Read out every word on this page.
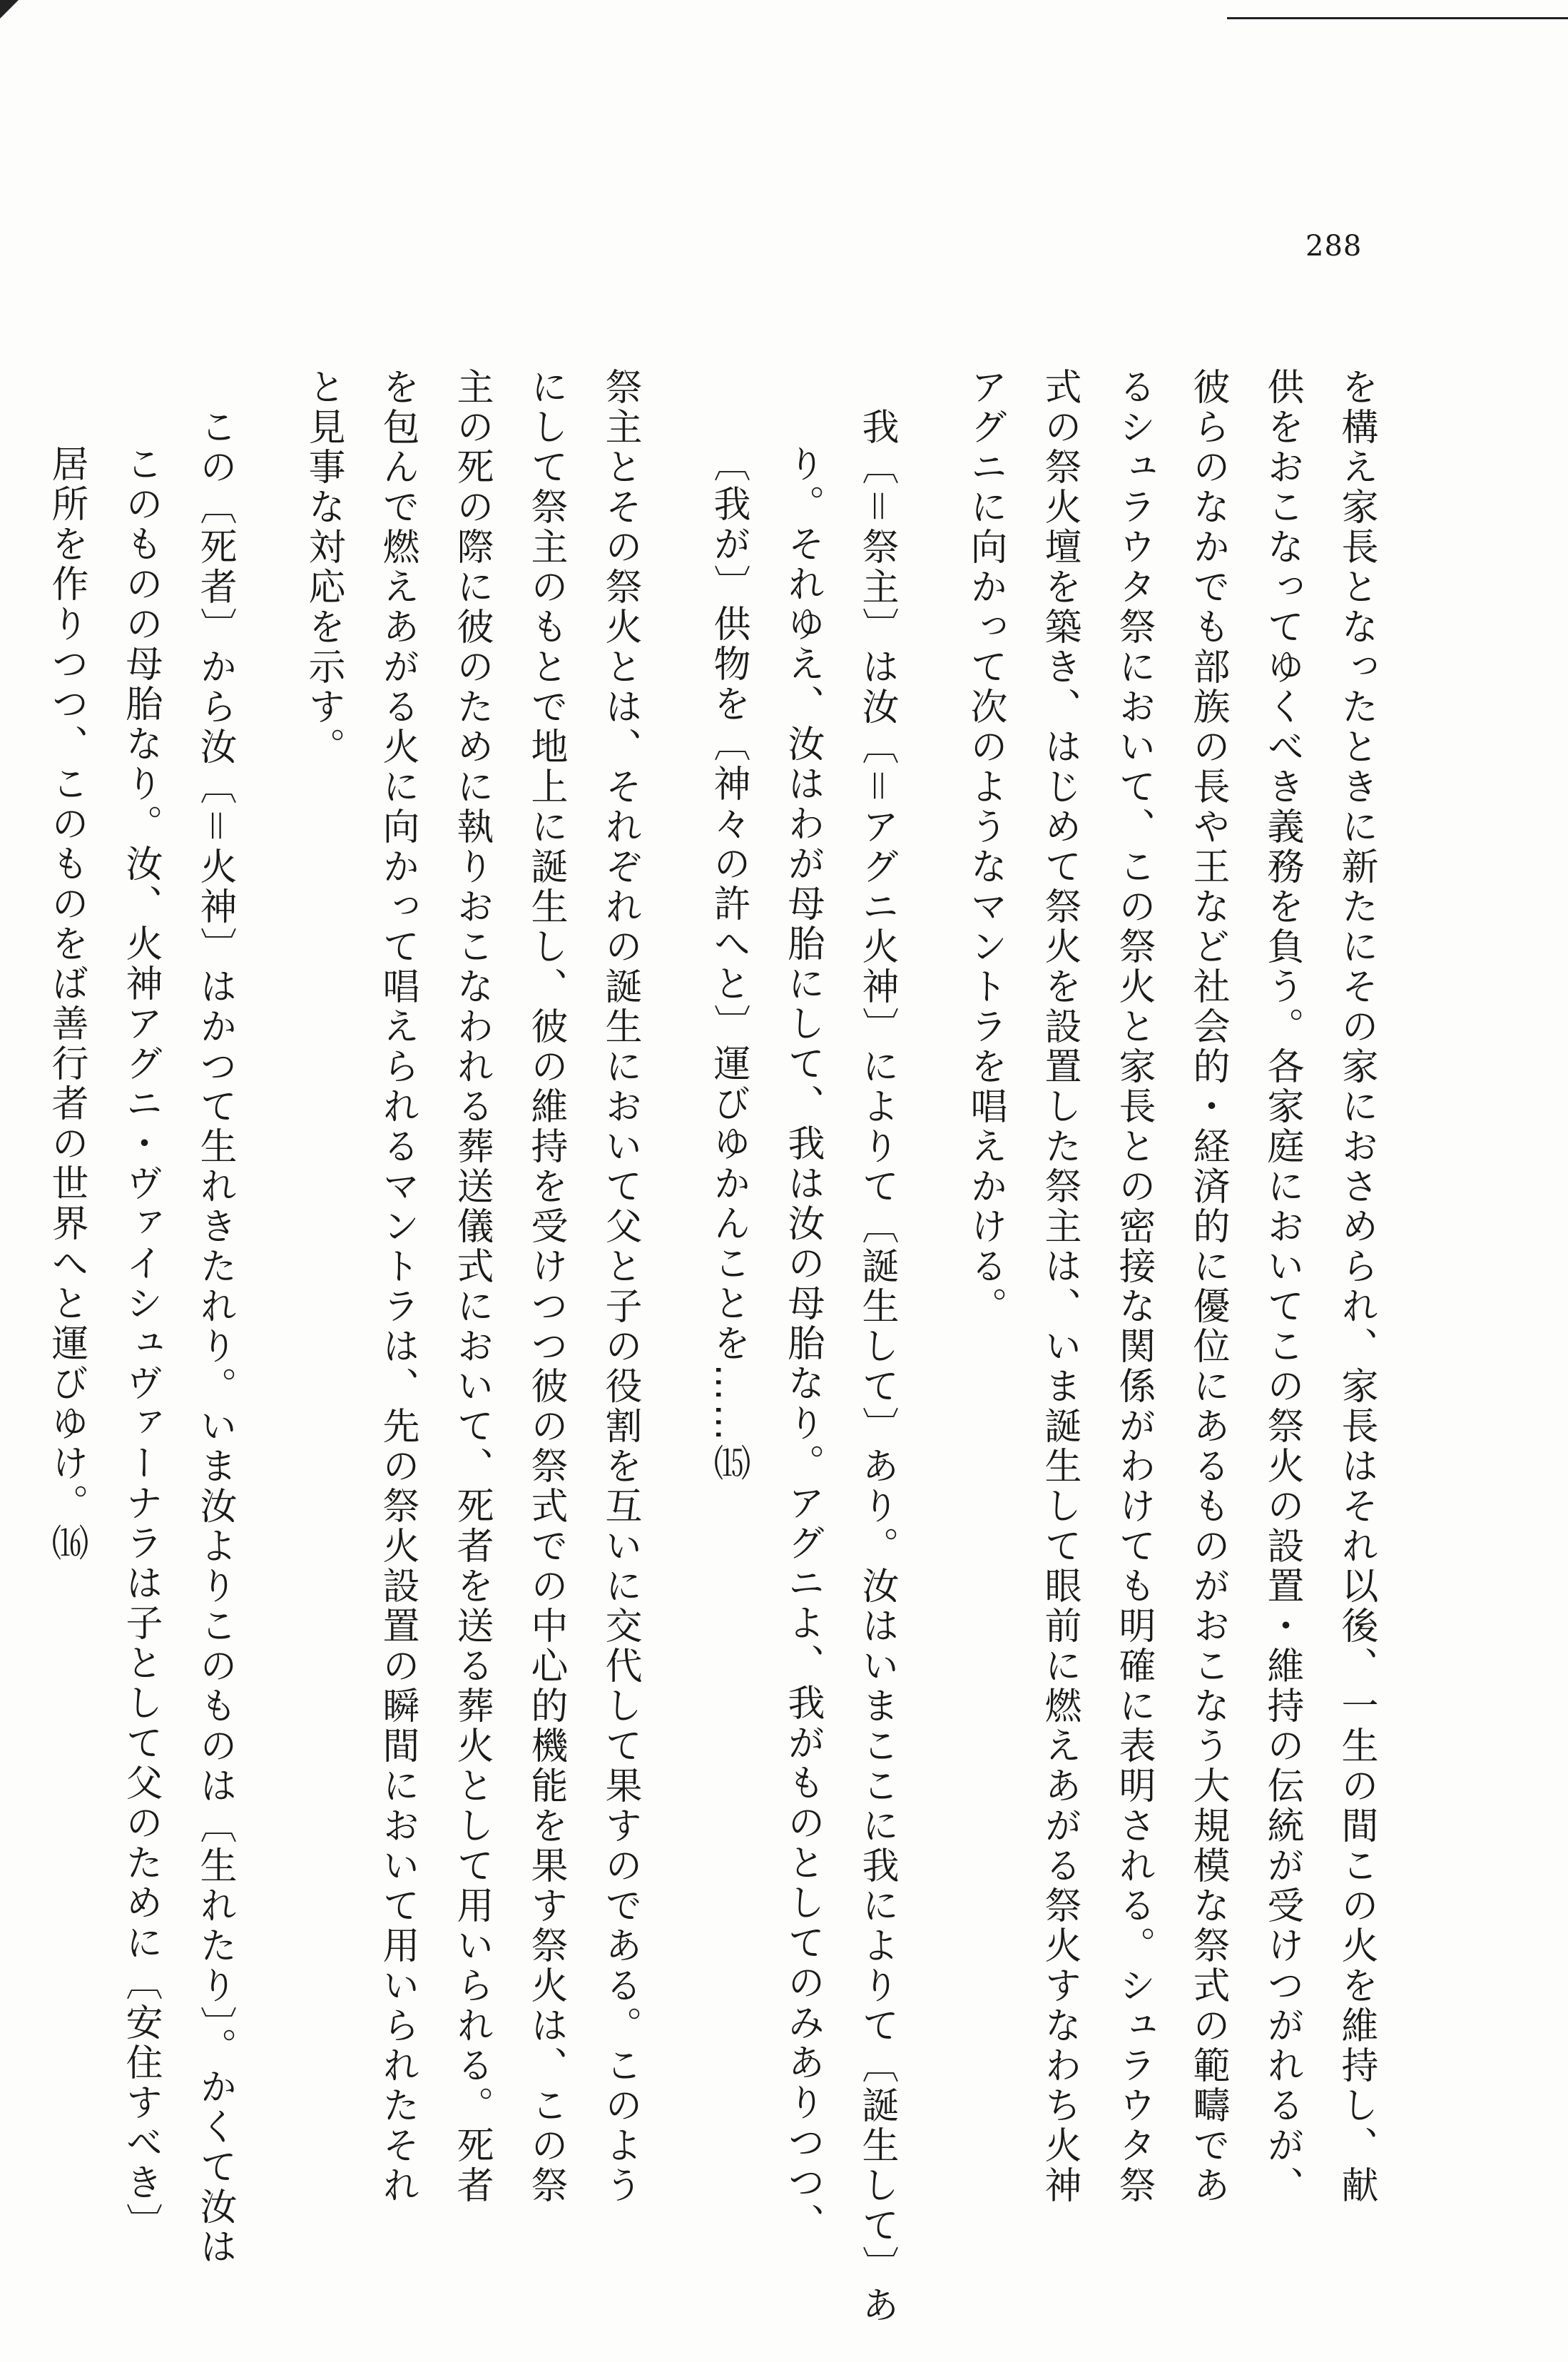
288
を構え家長となったときに新たにその家におさめられ、家長はそれ以後、一生の間この火を維持し、献
供をおこなってゆくべき義務を負う。各家庭においてこの祭火の設置・維持の伝統が受けつがれるが、
彼らのなかでも部族の長や王など社会的・経済的に優位にあるものがおこなう大規模な祭式の範疇であ
るシュラウタ祭において、この祭火と家長との密接な関係がわけても明確に表明される。シュラウタ祭
式の祭火壇を築き、はじめて祭火を設置した祭主は、いま誕生して眼前に燃えあがる祭火すなわち火神
アグニに向かって次のようなマントラを唱えかける。
我〔＝祭主〕は汝〔＝アグニ火神〕によりて〔誕生して〕あり。汝はいまここに我によりて〔誕生して〕あ
り。それゆえ、汝はわが母胎にして、我は汝の母胎なり。アグニよ、我がものとしてのみありつつ、
〔我が〕供物を〔神々の許へと〕運びゆかんことを……⒂
祭主とその祭火とは、それぞれの誕生において父と子の役割を互いに交代して果すのである。このよう
にして祭主のもとで地上に誕生し、彼の維持を受けつつ彼の祭式での中心的機能を果す祭火は、この祭
主の死の際に彼のために執りおこなわれる葬送儀式において、死者を送る葬火として用いられる。死者
を包んで燃えあがる火に向かって唱えられるマントラは、先の祭火設置の瞬間において用いられたそれ
と見事な対応を示す。
この〔死者〕から汝〔＝火神〕はかつて生れきたれり。いま汝よりこのものは〔生れたり〕。かくて汝は
このものの母胎なり。汝、火神アグニ・ヴァイシュヴァーナラは子として父のために〔安住すべき〕
居所を作りつつ、このものをば善行者の世界へと運びゆけ。⒃
